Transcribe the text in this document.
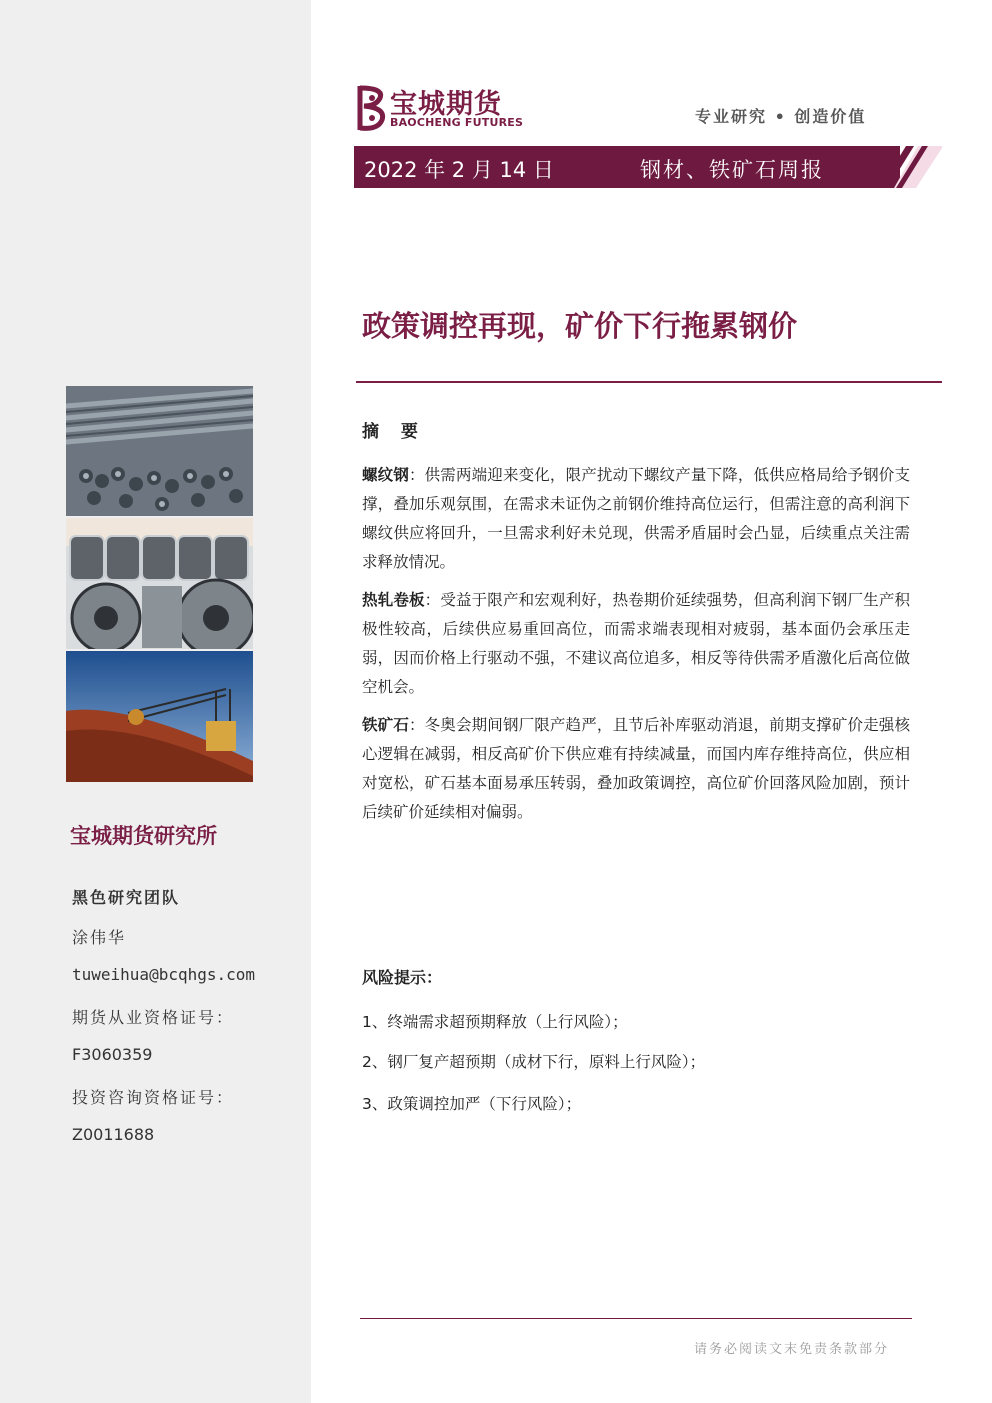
宝城期货研究所
黑色研究团队
涂伟华
tuweihua@bcqhgs.com
期货从业资格证号：
F3060359
投资咨询资格证号：
Z0011688
宝城期货
BAOCHENG FUTURES	专业研究 • 创造价值
2022 年 2 月 14 日	钢材、铁矿石周报
政策调控再现，矿价下行拖累钢价
摘 要
螺纹钢：供需两端迎来变化，限产扰动下螺纹产量下降，低供应格局给予钢价支撑，叠加乐观氛围，在需求未证伪之前钢价维持高位运行，但需注意的高利润下螺纹供应将回升，一旦需求利好未兑现，供需矛盾届时会凸显，后续重点关注需求释放情况。
热轧卷板：受益于限产和宏观利好，热卷期价延续强势，但高利润下钢厂生产积极性较高，后续供应易重回高位，而需求端表现相对疲弱，基本面仍会承压走弱，因而价格上行驱动不强，不建议高位追多，相反等待供需矛盾激化后高位做空机会。
铁矿石：冬奥会期间钢厂限产趋严，且节后补库驱动消退，前期支撑矿价走强核心逻辑在减弱，相反高矿价下供应难有持续减量，而国内库存维持高位，供应相对宽松，矿石基本面易承压转弱，叠加政策调控，高位矿价回落风险加剧，预计后续矿价延续相对偏弱。
风险提示：
1、终端需求超预期释放（上行风险）；
2、钢厂复产超预期（成材下行，原料上行风险）；
3、政策调控加严（下行风险）；
请务必阅读文末免责条款部分
